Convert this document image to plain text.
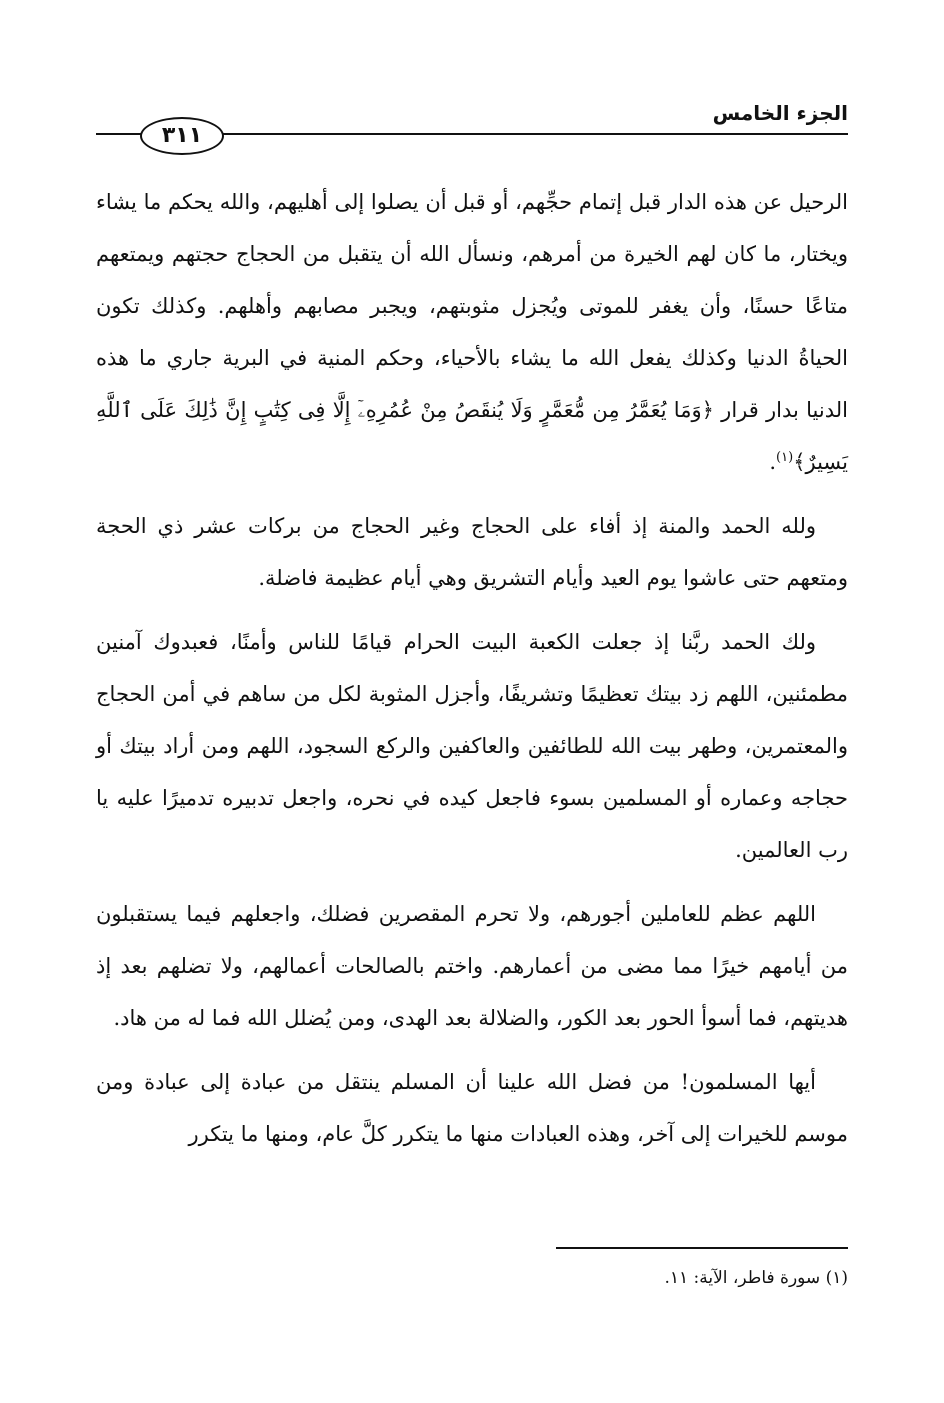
الجزء الخامس
٣١١

الرحيل عن هذه الدار قبل إتمام حجِّهم، أو قبل أن يصلوا إلى أهليهم، والله يحكم ما يشاء ويختار، ما كان لهم الخيرة من أمرهم، ونسأل الله أن يتقبل من الحجاج حجتهم ويمتعهم متاعًا حسنًا، وأن يغفر للموتى ويُجزل مثوبتهم، ويجبر مصابهم وأهلهم. وكذلك تكون الحياةُ الدنيا وكذلك يفعل الله ما يشاء بالأحياء، وحكم المنية في البرية جاري ما هذه الدنيا بدار قرار ﴿وَمَا يُعَمَّرُ مِن مُّعَمَّرٍ وَلَا يُنقَصُ مِنْ عُمُرِهِۦٓ إِلَّا فِى كِتَٰبٍ إِنَّ ذَٰلِكَ عَلَى ٱللَّهِ يَسِيرٌ﴾$^{(١)}$.

ولله الحمد والمنة إذ أفاء على الحجاج وغير الحجاج من بركات عشر ذي الحجة ومتعهم حتى عاشوا يوم العيد وأيام التشريق وهي أيام عظيمة فاضلة.

ولك الحمد ربَّنا إذ جعلت الكعبة البيت الحرام قيامًا للناس وأمنًا، فعبدوك آمنين مطمئنين، اللهم زد بيتك تعظيمًا وتشريفًا، وأجزل المثوبة لكل من ساهم في أمن الحجاج والمعتمرين، وطهر بيت الله للطائفين والعاكفين والركع السجود، اللهم ومن أراد بيتك أو حجاجه وعماره أو المسلمين بسوء فاجعل كيده في نحره، واجعل تدبيره تدميرًا عليه يا رب العالمين.

اللهم عظم للعاملين أجورهم، ولا تحرم المقصرين فضلك، واجعلهم فيما يستقبلون من أيامهم خيرًا مما مضى من أعمارهم. واختم بالصالحات أعمالهم، ولا تضلهم بعد إذ هديتهم، فما أسوأ الحور بعد الكور، والضلالة بعد الهدى، ومن يُضلل الله فما له من هاد.

أيها المسلمون! من فضل الله علينا أن المسلم ينتقل من عبادة إلى عبادة ومن موسم للخيرات إلى آخر، وهذه العبادات منها ما يتكرر كلَّ عام، ومنها ما يتكرر

(١) سورة فاطر، الآية: ١١.
